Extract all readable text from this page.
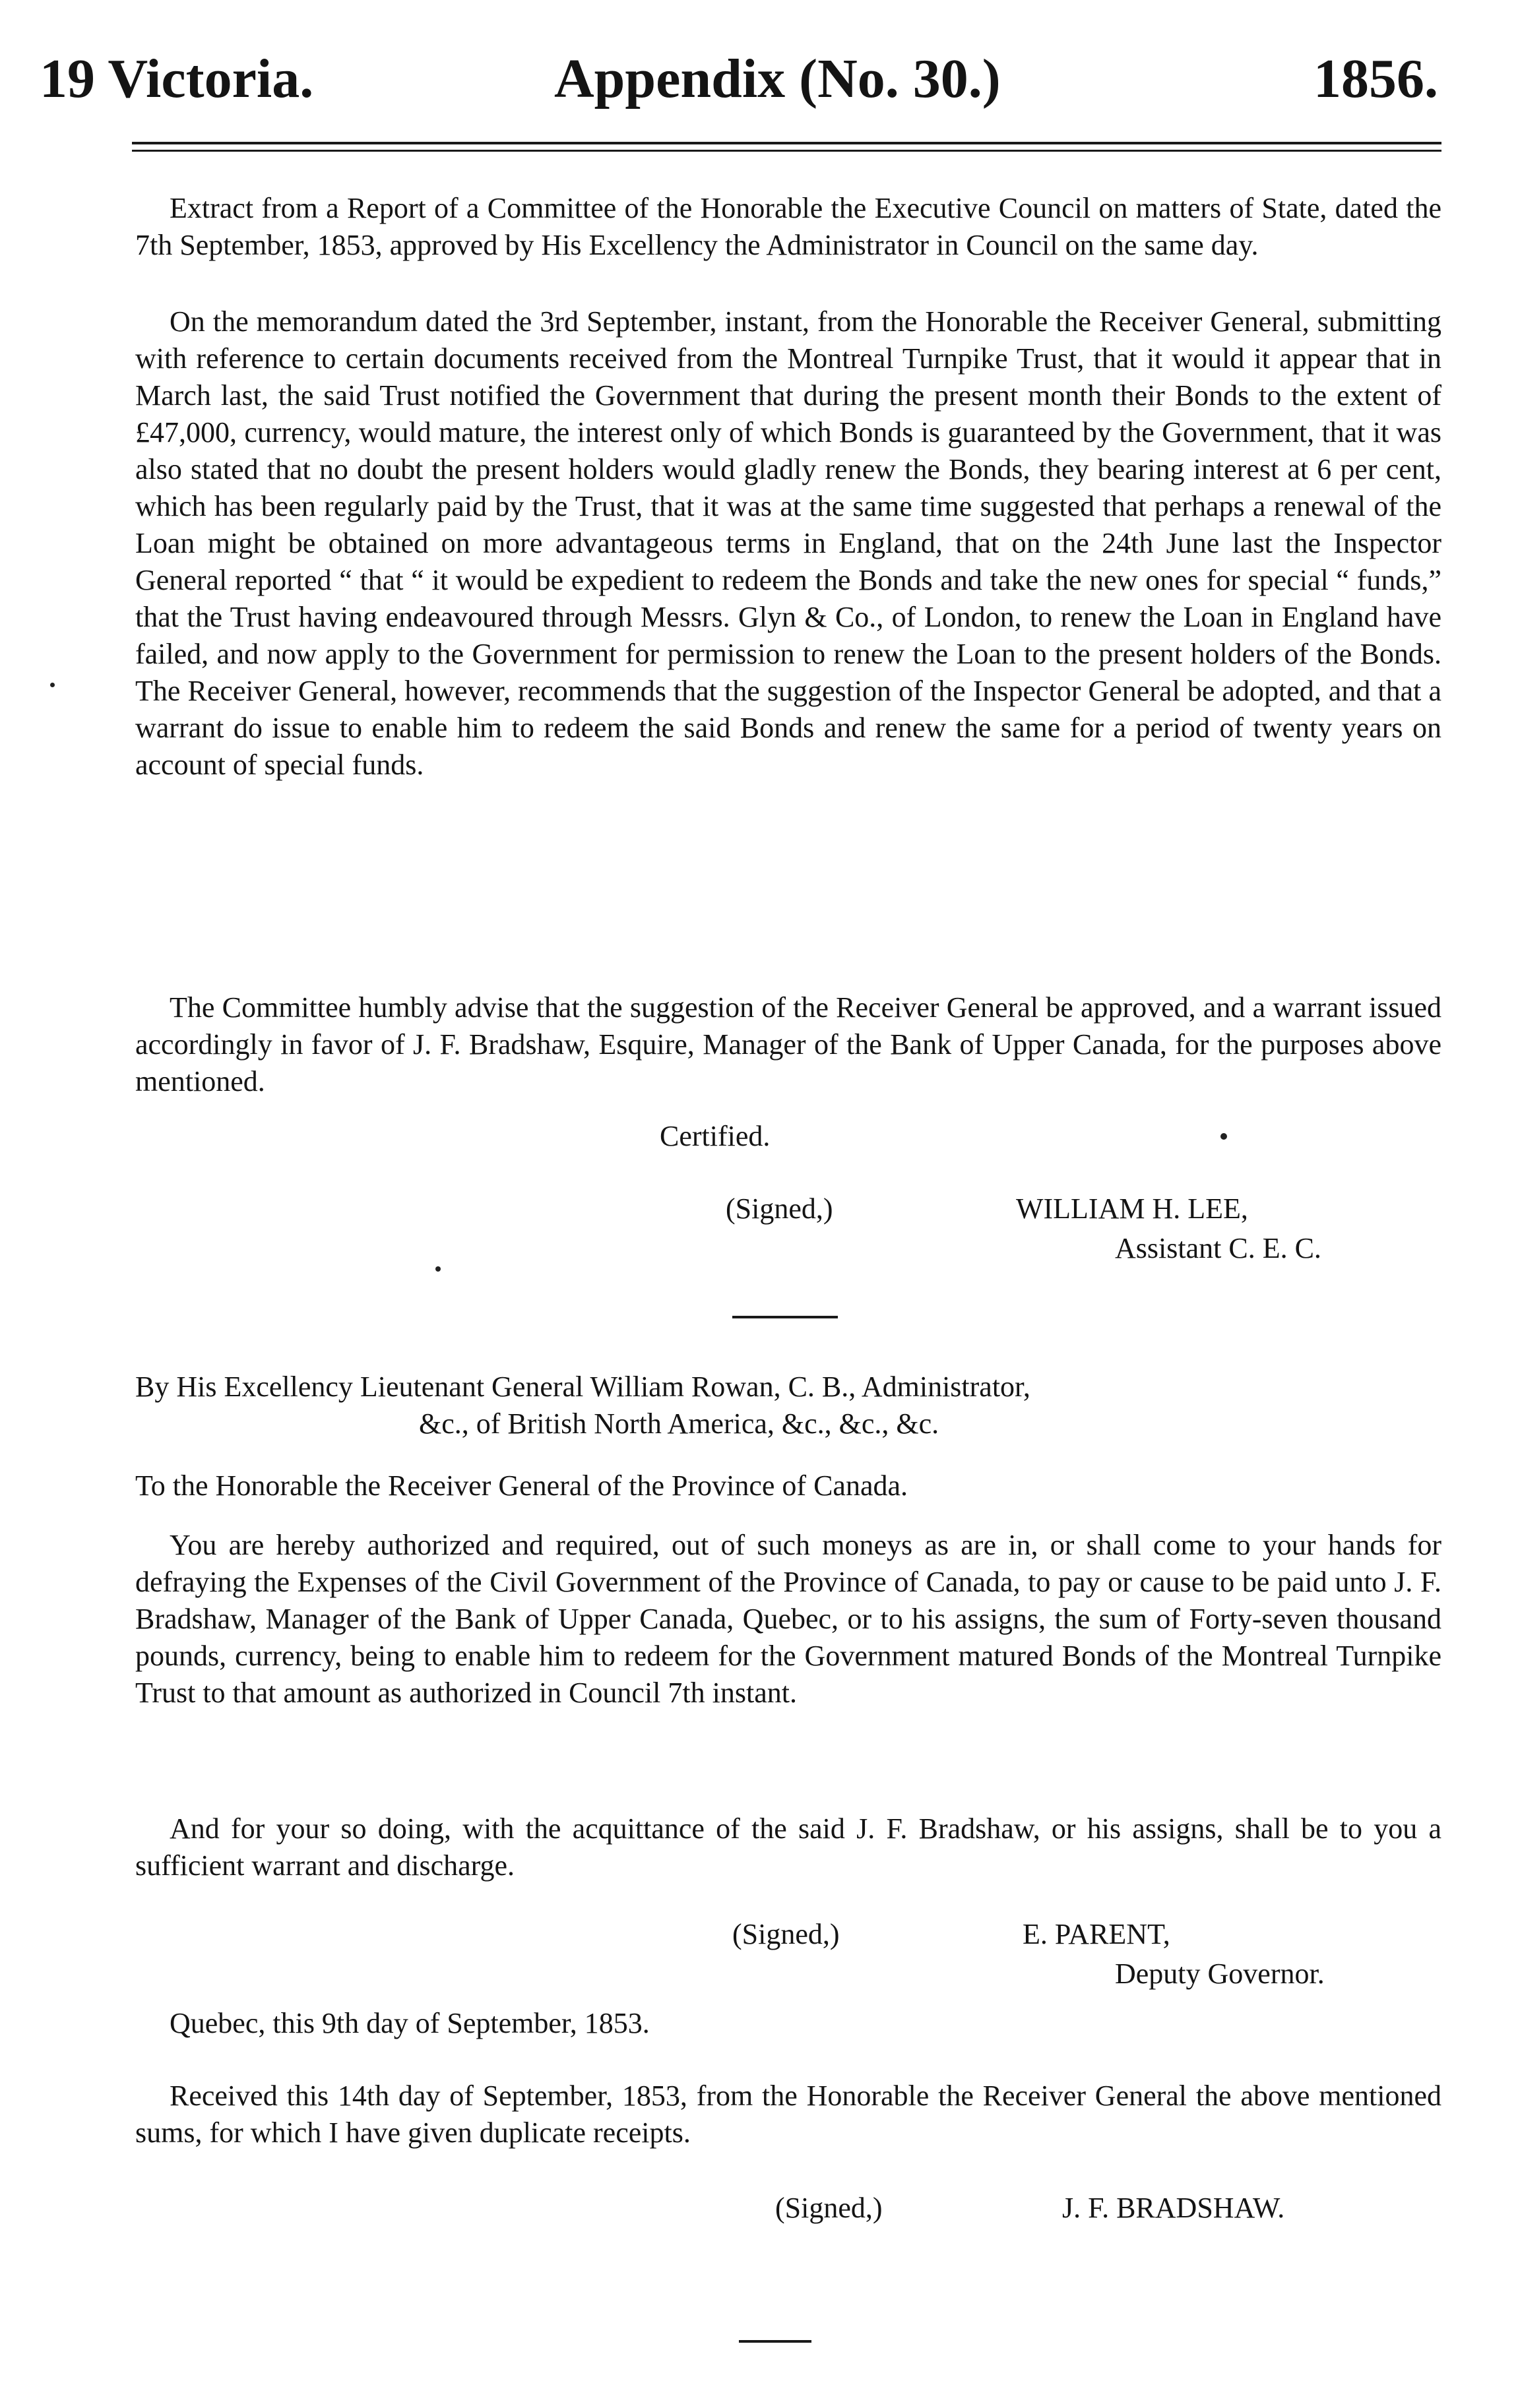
19 Victoria.	Appendix (No. 30.)	1856.

Extract from a Report of a Committee of the Honorable the Executive Council on matters of State, dated the 7th September, 1853, approved by His Excellency the Administrator in Council on the same day.

On the memorandum dated the 3rd September, instant, from the Honorable the Receiver General, submitting with reference to certain documents received from the Montreal Turnpike Trust, that it would it appear that in March last, the said Trust notified the Government that during the present month their Bonds to the extent of £47,000, currency, would mature, the interest only of which Bonds is guaranteed by the Government, that it was also stated that no doubt the present holders would gladly renew the Bonds, they bearing interest at 6 per cent, which has been regularly paid by the Trust, that it was at the same time suggested that perhaps a renewal of the Loan might be obtained on more advantageous terms in England, that on the 24th June last the Inspector General reported “ that “ it would be expedient to redeem the Bonds and take the new ones for special “ funds,” that the Trust having endeavoured through Messrs. Glyn & Co., of London, to renew the Loan in England have failed, and now apply to the Government for permission to renew the Loan to the present holders of the Bonds. The Receiver General, however, recommends that the suggestion of the Inspector General be adopted, and that a warrant do issue to enable him to redeem the said Bonds and renew the same for a period of twenty years on account of special funds.

The Committee humbly advise that the suggestion of the Receiver General be approved, and a warrant issued accordingly in favor of J. F. Bradshaw, Esquire, Manager of the Bank of Upper Canada, for the purposes above mentioned.

Certified.
(Signed,)	WILLIAM H. LEE,
Assistant C. E. C.
By His Excellency Lieutenant General William Rowan, C. B., Administrator,
&c., of British North America, &c., &c., &c.

To the Honorable the Receiver General of the Province of Canada.

You are hereby authorized and required, out of such moneys as are in, or shall come to your hands for defraying the Expenses of the Civil Government of the Province of Canada, to pay or cause to be paid unto J. F. Bradshaw, Manager of the Bank of Upper Canada, Quebec, or to his assigns, the sum of Forty-seven thousand pounds, currency, being to enable him to redeem for the Government matured Bonds of the Montreal Turnpike Trust to that amount as authorized in Council 7th instant.

And for your so doing, with the acquittance of the said J. F. Bradshaw, or his assigns, shall be to you a sufficient warrant and discharge.

(Signed,)	E. PARENT,
Deputy Governor.

Quebec, this 9th day of September, 1853.

Received this 14th day of September, 1853, from the Honorable the Receiver General the above mentioned sums, for which I have given duplicate receipts.

(Signed,)	J. F. BRADSHAW.
